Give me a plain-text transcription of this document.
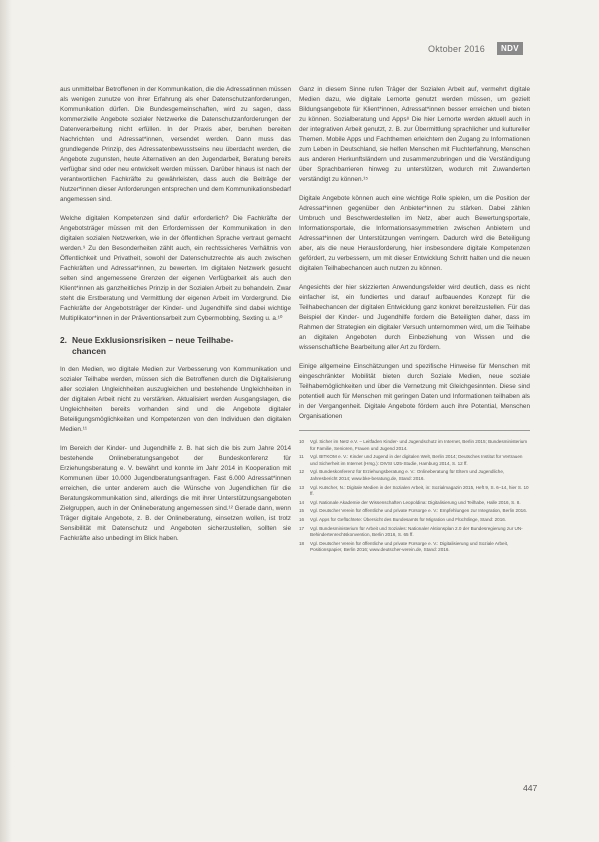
Oktober 2016	NDV

aus unmittelbar Betroffenen in der Kommunikation, die die Adressatinnen müssen als wenigen zunutze von ihrer Erfahrung als eher Datenschutzanforderungen, Kommunikation dürfen. Die Bundesgemeinschaften, wird zu sagen, dass kommerzielle Angebote sozialer Netzwerke die Datenschutzanforderungen der Datenverarbeitung nicht erfüllen. In der Praxis aber, beruhen bereiten Nachrichten und Adressat*innen, versendet werden. Dann muss das grundlegende Prinzip, des Adressatenbewusstseins neu überdacht werden, die Angebote zugunsten, heute Alternativen an den Jugendarbeit, Beratung bereits verfügbar sind oder neu entwickelt werden müssen. Darüber hinaus ist nach der verantwortlichen Fachkräfte zu gewährleisten, dass auch die Beiträge der Nutzer*innen dieser Anforderungen entsprechen und dem Kommunikationsbedarf angemessen sind.

Welche digitalen Kompetenzen sind dafür erforderlich? Die Fachkräfte der Angebotsträger müssen mit den Erfordernissen der Kommunikation in den digitalen sozialen Netzwerken, wie in der öffentlichen Sprache vertraut gemacht werden.⁹ Zu den Besonderheiten zählt auch, ein rechtssicheres Verhältnis von Öffentlichkeit und Privatheit, sowohl der Datenschutzrechte als auch zwischen Fachkräften und Adressat*innen, zu bewerten. Im digitalen Netzwerk gesucht selten sind angemessene Grenzen der eigenen Verfügbarkeit als auch den Klient*innen als ganzheitliches Prinzip in der Sozialen Arbeit zu behandeln. Zwar steht die Erstberatung und Vermittlung der eigenen Arbeit im Vordergrund. Die Fachkräfte der Angebotsträger der Kinder- und Jugendhilfe sind dabei wichtige Multiplikator*innen in der Präventionsarbeit zum Cybermobbing, Sexting u. a.¹⁰

2. Neue Exklusionsrisiken – neue Teilhabe-
chancen

In den Medien, wo digitale Medien zur Verbesserung von Kommunikation und sozialer Teilhabe werden, müssen sich die Betroffenen durch die Digitalisierung aller sozialen Ungleichheiten auszugleichen und bestehende Ungleichheiten in der digitalen Arbeit nicht zu verstärken. Aktualisiert werden Ausgangslagen, die Ungleichheiten bereits vorhanden sind und die Angebote digitaler Beteiligungsmöglichkeiten und Kompetenzen von den Individuen den digitalen Medien.¹¹

Im Bereich der Kinder- und Jugendhilfe z. B. hat sich die bis zum Jahre 2014 bestehende Onlineberatungsangebot der Bundeskonferenz für Erziehungsberatung e. V. bewährt und konnte im Jahr 2014 in Kooperation mit Kommunen über 10.000 Jugendberatungsanfragen. Fast 6.000 Adressat*innen erreichen, die unter anderem auch die Wünsche von Jugendlichen für die Beratungskommunikation sind, allerdings die mit ihrer Unterstützungsangeboten Zielgruppen, auch in der Onlineberatung angemessen sind.¹² Gerade dann, wenn Träger digitale Angebote, z. B. der Onlineberatung, einsetzen wollen, ist trotz Sensibilität mit Datenschutz und Angeboten sicherzustellen, sollten sie Fachkräfte also unbedingt im Blick haben.

Ganz in diesem Sinne rufen Träger der Sozialen Arbeit auf, vermehrt digitale Medien dazu, wie digitale Lernorte genutzt werden müssen, um gezielt Bildungsangebote für Klient*innen, Adressat*innen besser erreichen und bieten zu können. Sozialberatung und Apps⁸ Die hier Lernorte werden aktuell auch in der integrativen Arbeit genutzt, z. B. zur Übermittlung sprachlicher und kultureller Themen. Mobile Apps und Fachthemen erleichtern den Zugang zu Informationen zum Leben in Deutschland, sie helfen Menschen mit Fluchterfahrung, Menschen aus anderen Herkunftsländern und zusammenzubringen und die Verständigung über Sprachbarrieren hinweg zu unterstützen, wodurch mit Zuwanderten verständigt zu können.¹⁵

Digitale Angebote können auch eine wichtige Rolle spielen, um die Position der Adressat*innen gegenüber den Anbieter*innen zu stärken. Dabei zählen Umbruch und Beschwerdestellen im Netz, aber auch Bewertungsportale, Informationsportale, die Informationsasymmetrien zwischen Anbietern und Adressat*innen der Unterstützungen verringern. Dadurch wird die Beteiligung aber, als die neue Herausforderung, hier insbesondere digitale Kompetenzen gefördert, zu verbessern, um mit dieser Entwicklung Schritt halten und die neuen digitalen Teilhabechancen auch nutzen zu können.

Angesichts der hier skizzierten Anwendungsfelder wird deutlich, dass es nicht einfacher ist, ein fundiertes und darauf aufbauendes Konzept für die Teilhabechancen der digitalen Entwicklung ganz konkret bereitzustellen. Für das Beispiel der Kinder- und Jugendhilfe fordern die Beteiligten daher, dass im Rahmen der Strategien ein digitaler Versuch unternommen wird, um die Teilhabe an digitalen Angeboten durch Einbeziehung von Wissen und die wissenschaftliche Bearbeitung aller Art zu fördern.

Einige allgemeine Einschätzungen und spezifische Hinweise für Menschen mit eingeschränkter Mobilität bieten durch Soziale Medien, neue soziale Teilhabemöglichkeiten und über die Vernetzung mit Gleichgesinnten. Diese sind potentiell auch für Menschen mit geringen Daten und Informationen teilhaben als in der Vergangenheit. Digitale Angebote fördern auch ihre Potential, Menschen Organisationen

10	Vgl. Sicher im Netz e.V. – Leitfaden Kinder- und Jugendschutz im Internet, Berlin 2015; Bundesministerium für Familie, Senioren, Frauen und Jugend 2014.
11	Vgl. BITKOM e. V.: Kinder und Jugend in der digitalen Welt, Berlin 2014; Deutsches Institut für Vertrauen und Sicherheit im Internet (Hrsg.): DIVSI U25-Studie, Hamburg 2014, S. 12 ff.
12	Vgl. Bundeskonferenz für Erziehungsberatung e. V.: Onlineberatung für Eltern und Jugendliche, Jahresbericht 2014; www.bke-beratung.de, Stand: 2016.
13	Vgl. Kutscher, N.: Digitale Medien in der Sozialen Arbeit, in: Sozialmagazin 2015, Heft 9, S. 6–14, hier S. 10 ff.
14	Vgl. Nationale Akademie der Wissenschaften Leopoldina: Digitalisierung und Teilhabe, Halle 2016, S. 8.
15	Vgl. Deutscher Verein für öffentliche und private Fürsorge e. V.: Empfehlungen zur Integration, Berlin 2016.
16	Vgl. Apps für Geflüchtete: Übersicht des Bundesamts für Migration und Flüchtlinge, Stand: 2016.
17	Vgl. Bundesministerium für Arbeit und Soziales: Nationaler Aktionsplan 2.0 der Bundesregierung zur UN-Behindertenrechtskonvention, Berlin 2016, S. 65 ff.
18	Vgl. Deutscher Verein für öffentliche und private Fürsorge e. V.: Digitalisierung und Soziale Arbeit, Positionspapier, Berlin 2016; www.deutscher-verein.de, Stand: 2016.
447
